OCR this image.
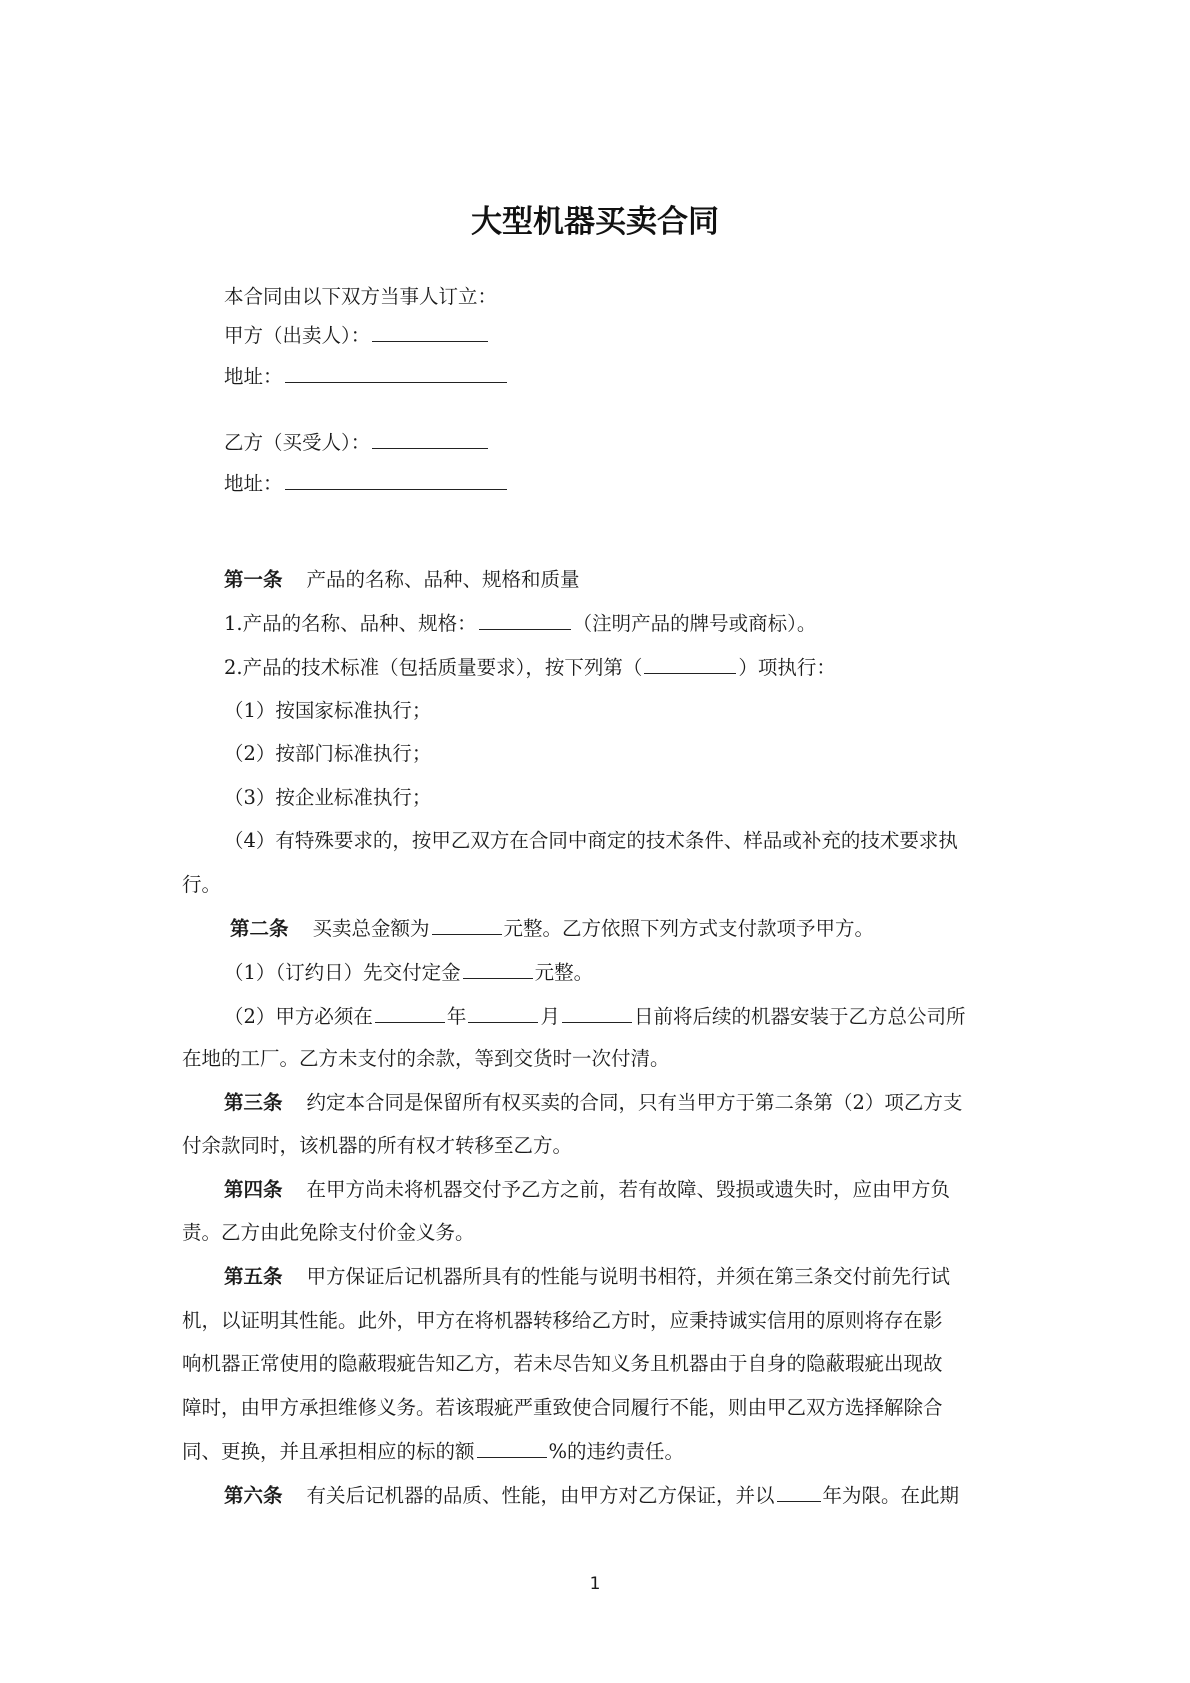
大型机器买卖合同
本合同由以下双方当事人订立：
甲方（出卖人）：
地址：
乙方（买受人）：
地址：
第一条 产品的名称、品种、规格和质量
1.产品的名称、品种、规格：	（注明产品的牌号或商标）。
2.产品的技术标准（包括质量要求），按下列第（	）项执行：
（1）按国家标准执行；
（2）按部门标准执行；
（3）按企业标准执行；
（4）有特殊要求的，按甲乙双方在合同中商定的技术条件、样品或补充的技术要求执
行。
第二条 买卖总金额为	元整。乙方依照下列方式支付款项予甲方。
（1）（订约日）先交付定金	元整。
（2）甲方必须在	年	月	日前将后续的机器安装于乙方总公司所
在地的工厂。乙方未支付的余款，等到交货时一次付清。
第三条 约定本合同是保留所有权买卖的合同，只有当甲方于第二条第（2）项乙方支
付余款同时，该机器的所有权才转移至乙方。
第四条 在甲方尚未将机器交付予乙方之前，若有故障、毁损或遗失时，应由甲方负
责。乙方由此免除支付价金义务。
第五条 甲方保证后记机器所具有的性能与说明书相符，并须在第三条交付前先行试
机，以证明其性能。此外，甲方在将机器转移给乙方时，应秉持诚实信用的原则将存在影
响机器正常使用的隐蔽瑕疵告知乙方，若未尽告知义务且机器由于自身的隐蔽瑕疵出现故
障时，由甲方承担维修义务。若该瑕疵严重致使合同履行不能，则由甲乙双方选择解除合
同、更换，并且承担相应的标的额	%的违约责任。
第六条 有关后记机器的品质、性能，由甲方对乙方保证，并以 年为限。在此期
1
